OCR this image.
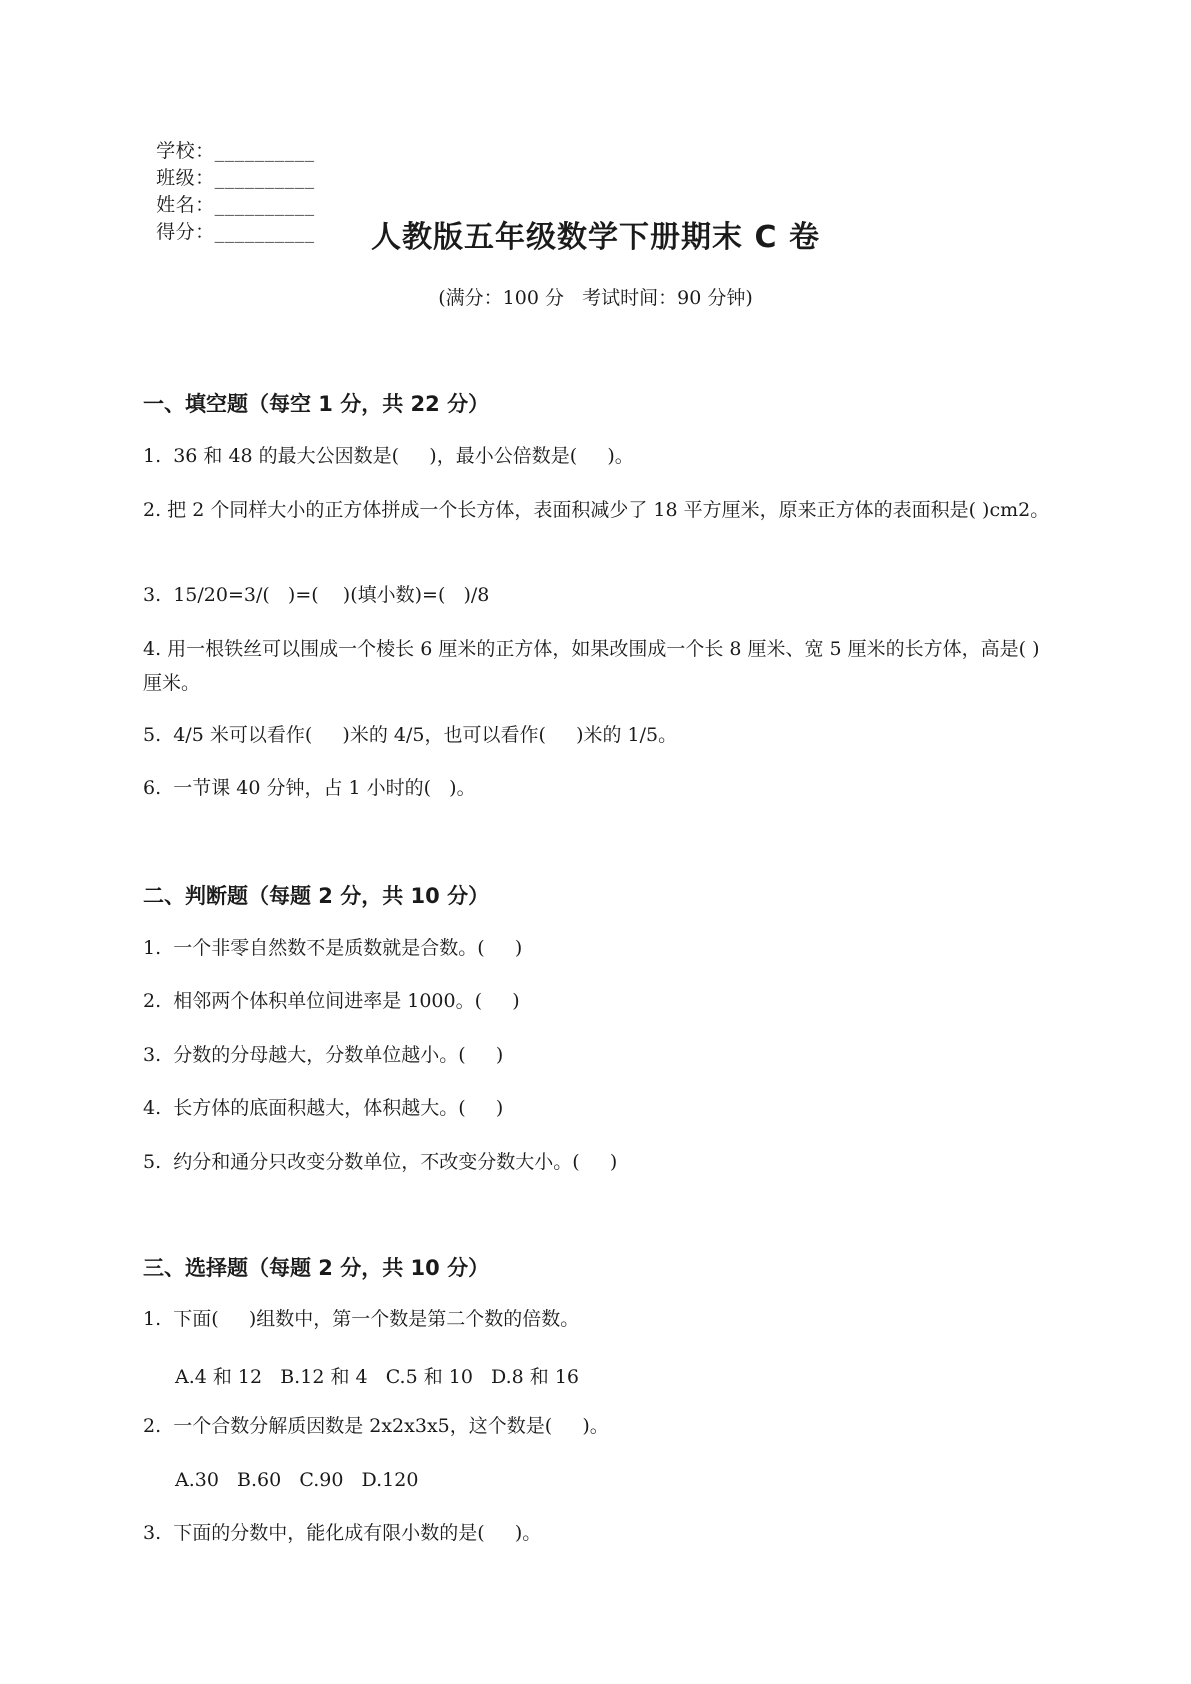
学校：__________
班级：__________
姓名：__________
得分：__________	人教版五年级数学下册期末 C 卷
(满分：100 分   考试时间：90 分钟)
一、填空题（每空 1 分，共 22 分）
1.  36 和 48 的最大公因数是(     )，最小公倍数是(     )。
2. 把 2 个同样大小的正方体拼成一个长方体，表面积减少了 18 平方厘米，原来正方体的表面积是( )cm2。
3.  15/20=3/(   )=(    )(填小数)=(   )/8
4. 用一根铁丝可以围成一个棱长 6 厘米的正方体，如果改围成一个长 8 厘米、宽 5 厘米的长方体，高是( )厘米。
5.  4/5 米可以看作(     )米的 4/5，也可以看作(     )米的 1/5。
6.  一节课 40 分钟，占 1 小时的(   )。
二、判断题（每题 2 分，共 10 分）
1.  一个非零自然数不是质数就是合数。(     )
2.  相邻两个体积单位间进率是 1000。(     )
3.  分数的分母越大，分数单位越小。(     )
4.  长方体的底面积越大，体积越大。(     )
5.  约分和通分只改变分数单位，不改变分数大小。(     )
三、选择题（每题 2 分，共 10 分）
1.  下面(     )组数中，第一个数是第二个数的倍数。
A.4 和 12   B.12 和 4   C.5 和 10   D.8 和 16
2.  一个合数分解质因数是 2x2x3x5，这个数是(     )。
A.30   B.60   C.90   D.120
3.  下面的分数中，能化成有限小数的是(     )。
